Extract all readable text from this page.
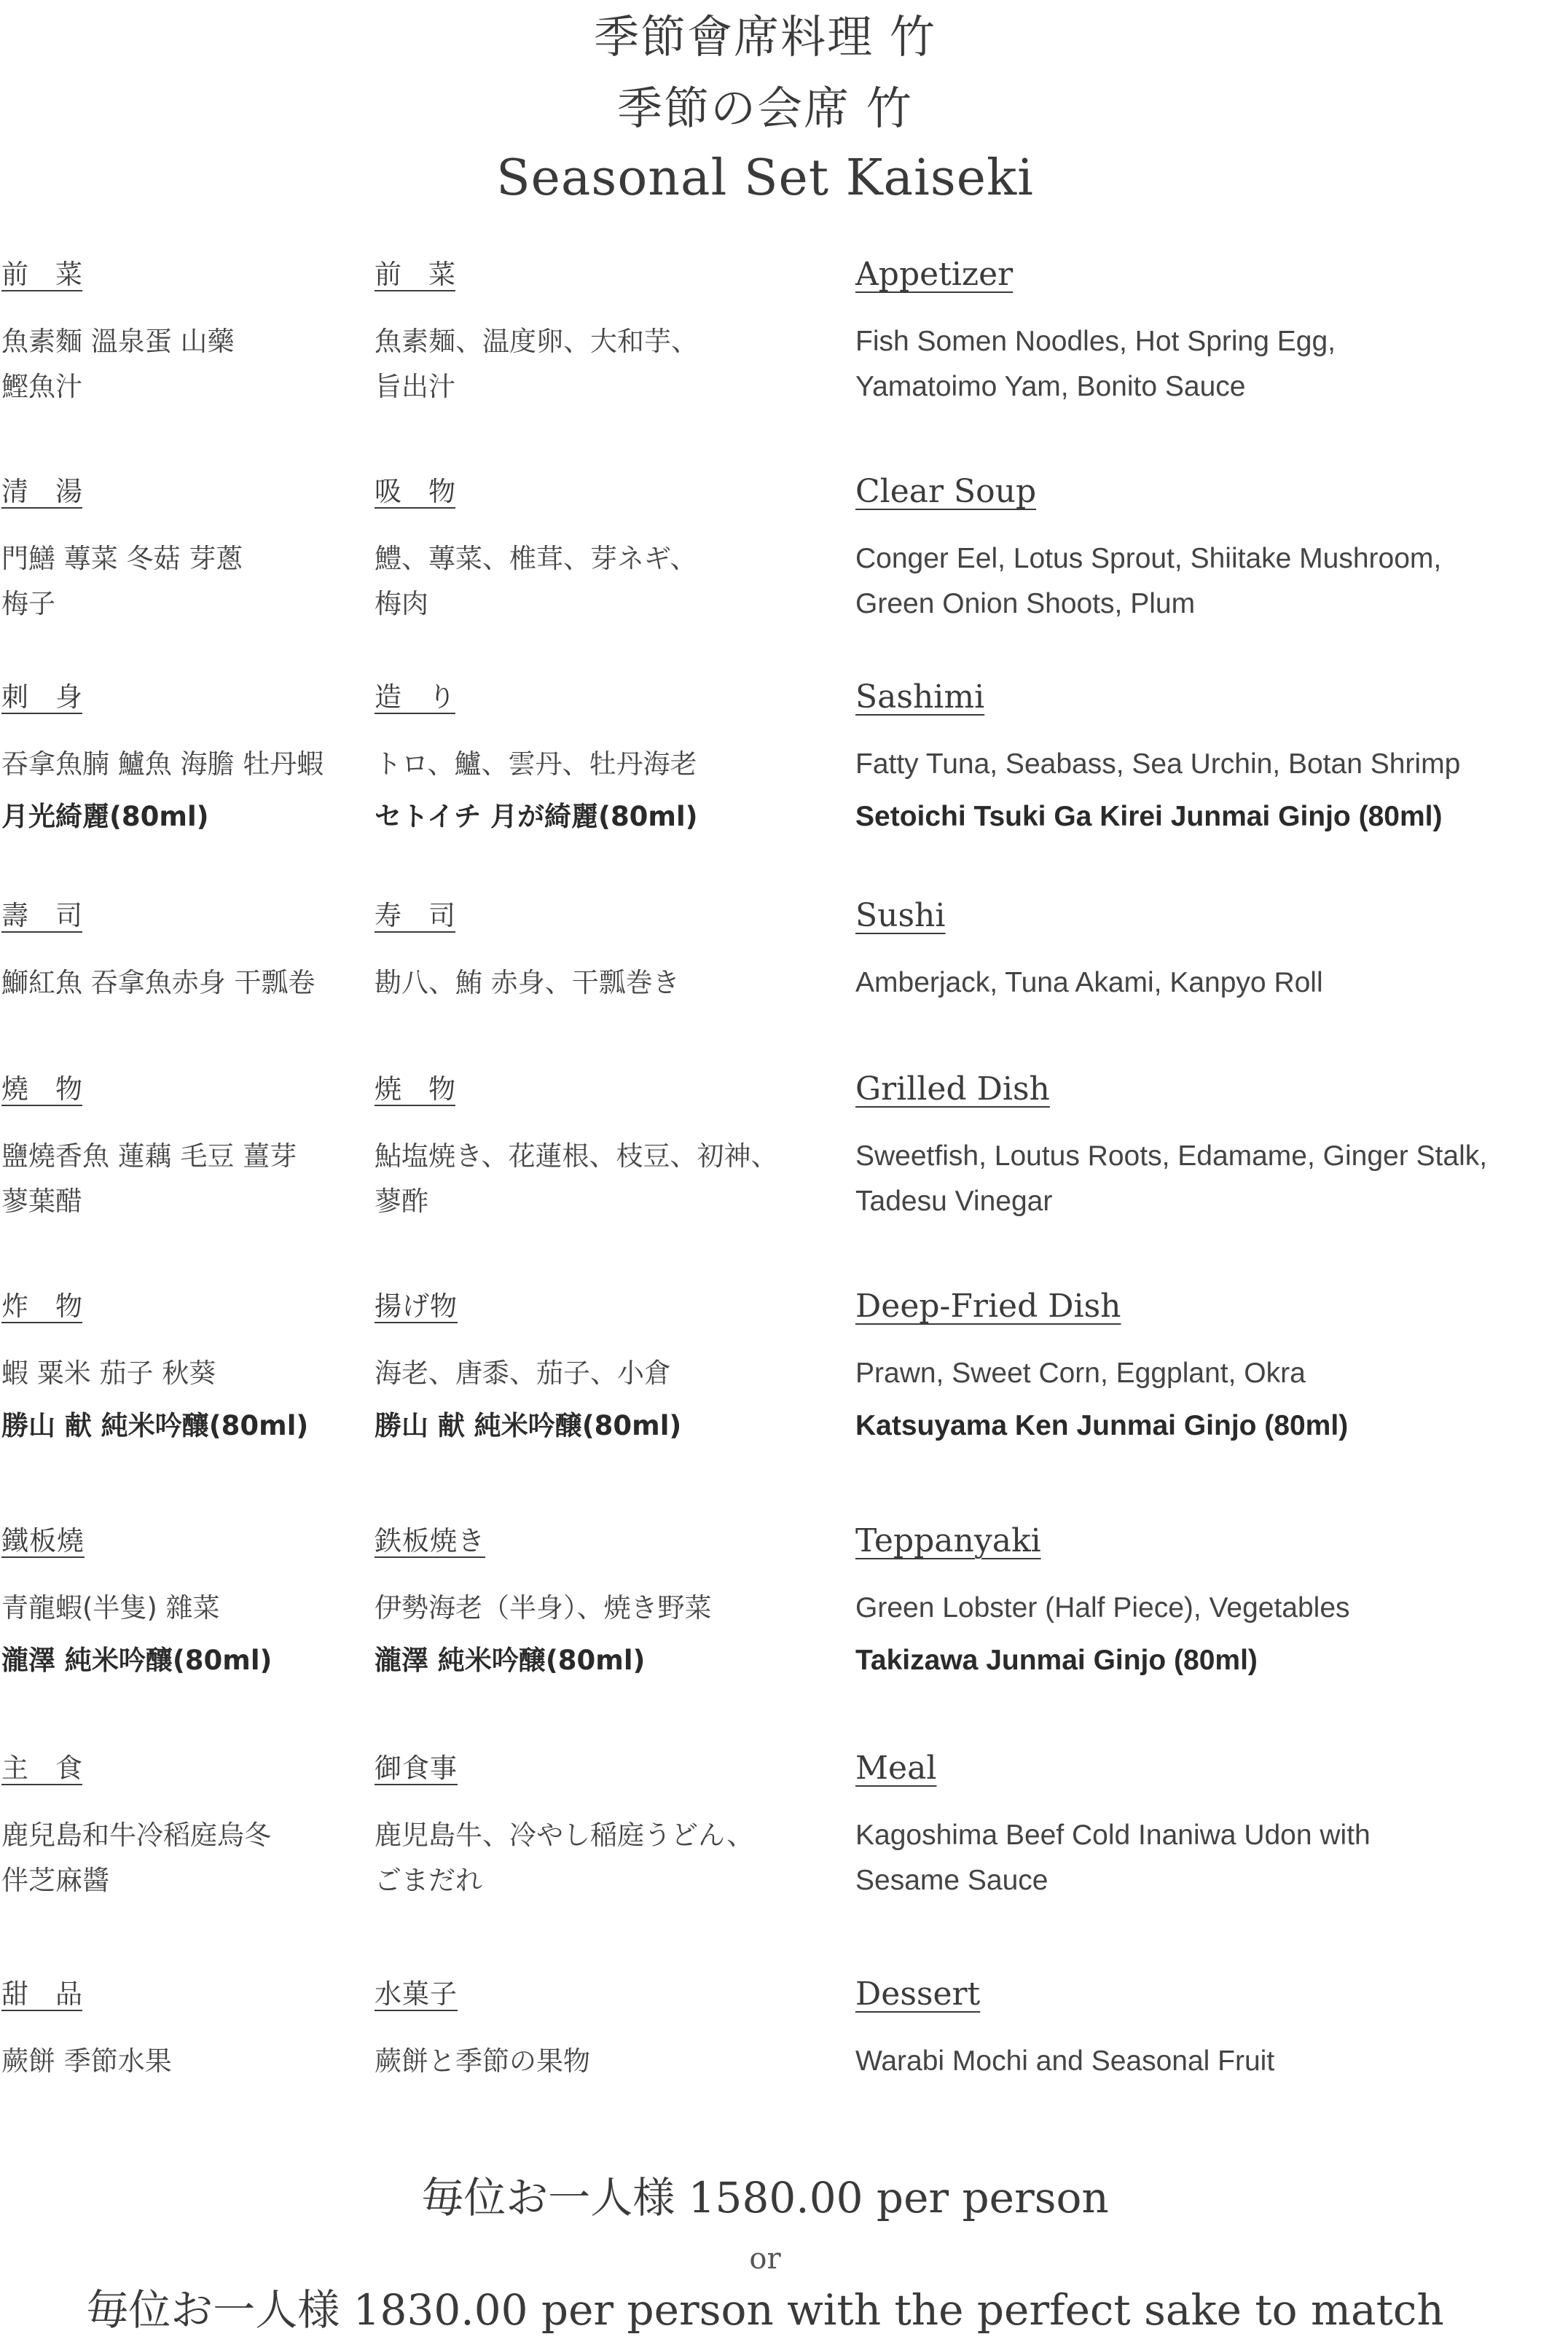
季節會席料理 竹
季節の会席 竹
Seasonal Set Kaiseki
前　菜
魚素麵 溫泉蛋 山藥
鰹魚汁
前　菜
魚素麺、温度卵、大和芋、
旨出汁
Appetizer
Fish Somen Noodles, Hot Spring Egg,
Yamatoimo Yam, Bonito Sauce
清　湯
門鱔 蓴菜 冬菇 芽蔥
梅子
吸　物
鱧、蓴菜、椎茸、芽ネギ、
梅肉
Clear Soup
Conger Eel, Lotus Sprout, Shiitake Mushroom,
Green Onion Shoots, Plum
刺　身
吞拿魚腩 鱸魚 海膽 牡丹蝦
月光綺麗(80ml)
造　り
トロ、鱸、雲丹、牡丹海老
セトイチ 月が綺麗(80ml)
Sashimi
Fatty Tuna, Seabass, Sea Urchin, Botan Shrimp
Setoichi Tsuki Ga Kirei Junmai Ginjo (80ml)
壽　司
鰤紅魚 吞拿魚赤身 干瓢卷
寿　司
勘八、鮪 赤身、干瓢巻き
Sushi
Amberjack, Tuna Akami, Kanpyo Roll
燒　物
鹽燒香魚 蓮藕 毛豆 薑芽
蓼葉醋
焼　物
鮎塩焼き、花蓮根、枝豆、初神、
蓼酢
Grilled Dish
Sweetfish, Loutus Roots, Edamame, Ginger Stalk,
Tadesu Vinegar
炸　物
蝦 粟米 茄子 秋葵
勝山 献 純米吟釀(80ml)
揚げ物
海老、唐黍、茄子、小倉
勝山 献 純米吟醸(80ml)
Deep-Fried Dish
Prawn, Sweet Corn, Eggplant, Okra
Katsuyama Ken Junmai Ginjo (80ml)
鐵板燒
青龍蝦(半隻) 雜菜
瀧澤 純米吟釀(80ml)
鉄板焼き
伊勢海老（半身）、焼き野菜
瀧澤 純米吟醸(80ml)
Teppanyaki
Green Lobster (Half Piece), Vegetables
Takizawa Junmai Ginjo (80ml)
主　食
鹿兒島和牛冷稻庭烏冬
伴芝麻醬
御食事
鹿児島牛、冷やし稲庭うどん、
ごまだれ
Meal
Kagoshima Beef Cold Inaniwa Udon with
Sesame Sauce
甜　品
蕨餅 季節水果
水菓子
蕨餅と季節の果物
Dessert
Warabi Mochi and Seasonal Fruit
毎位お一人様 1580.00 per person
or
毎位お一人様 1830.00 per person with the perfect sake to match
